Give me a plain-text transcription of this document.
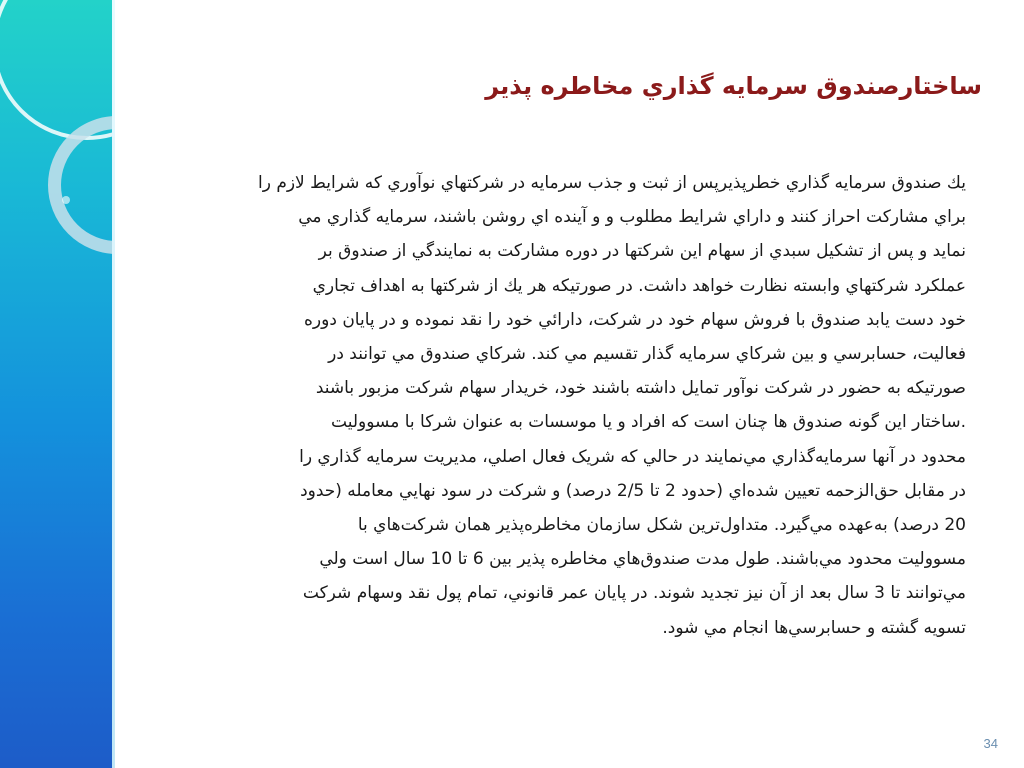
ساختارصندوق سرمايه گذاري مخاطره پذير
يك صندوق سرمايه گذاري خطرپذيرپس از ثبت و جذب سرمايه در شركتهاي نوآوري كه شرايط لازم را
براي مشاركت احراز كنند و داراي شرايط مطلوب و و آينده اي روشن باشند، سرمايه گذاري مي
نمايد و پس از تشكيل سبدي از سهام اين شركتها در دوره مشاركت به نمايندگي از صندوق بر
عملكرد شركتهاي وابسته نظارت خواهد داشت. در صورتيكه هر يك از شركتها به اهداف تجاري
خود دست يابد صندوق با فروش سهام خود در شركت، دارائي خود را نقد نموده و در پايان دوره
فعاليت، حسابرسي و بين شركاي سرمايه گذار تقسيم مي كند. شركاي صندوق مي توانند در
صورتيكه به حضور در شركت نوآور تمايل داشته باشند خود، خريدار سهام شركت مزبور باشند
.ساختار اين گونه صندوق ها چنان است كه افراد و يا موسسات به عنوان شركا با مسووليت
محدود در آنها سرمايه‌گذاري مي‌نمايند در حالي كه شريک فعال اصلي، مديريت سرمايه گذاري را
در مقابل حق‌الزحمه تعيين شده‌اي (حدود 2 تا 2/5 درصد) و شركت در سود نهايي معامله (حدود
20 درصد) به‌عهده مي‌گيرد. متداول‌ترين شكل سازمان مخاطره‌پذير همان شركت‌هاي با
مسووليت محدود مي‌باشند. طول مدت صندوق‌هاي مخاطره پذير بين 6 تا 10 سال است ولي
مي‌توانند تا 3 سال بعد از آن نيز تجديد شوند. در پايان عمر قانوني، تمام پول نقد وسهام شركت
تسويه گشته و حسابرسي‌ها انجام مي شود.
34
